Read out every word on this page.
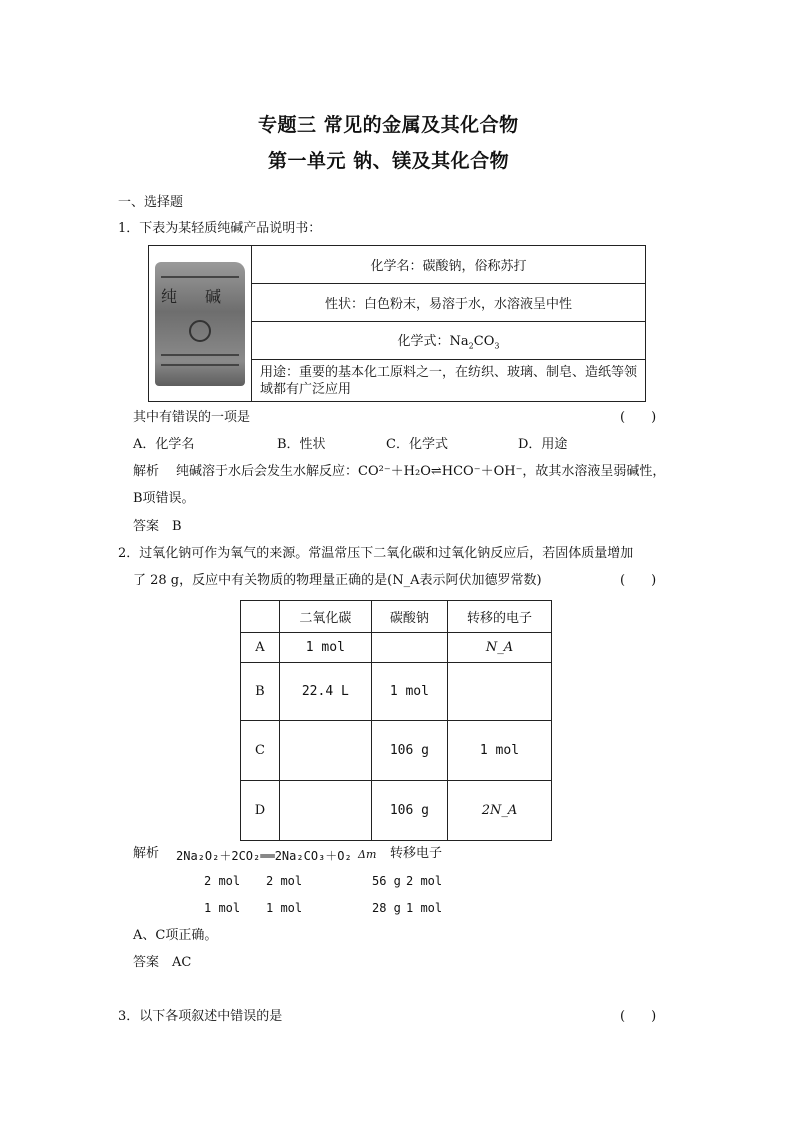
专题三 常见的金属及其化合物
第一单元 钠、镁及其化合物
一、选择题
1．下表为某轻质纯碱产品说明书：
纯 碱
	化学名：碳酸钠，俗称苏打
性状：白色粉末，易溶于水，水溶液呈中性
化学式：$Na_2CO_3$
用途：重要的基本化工原料之一，在纺织、玻璃、制皂、造纸等领域都有广泛应用
其中有错误的一项是	(　　)
A．化学名	B．性状	C．化学式	D．用途
解析 纯碱溶于水后会发生水解反应：CO²⁻＋H₂O⇌HCO⁻＋OH⁻，故其水溶液呈弱碱性，
B项错误。
答案　B
2．过氧化钠可作为氧气的来源。常温常压下二氧化碳和过氧化钠反应后，若固体质量增加
了 28 g，反应中有关物质的物理量正确的是(N_A表示阿伏加德罗常数)	(　　)
	二氧化碳	碳酸钠	转移的电子
A	1 mol		N_A
B	22.4 L	1 mol	
C		106 g	1 mol
D		106 g	2N_A
解析 2Na₂O₂＋2CO₂══2Na₂CO₃＋O₂ Δm 转移电子
2 mol 2 mol	56 g 2 mol
1 mol 1 mol	28 g 1 mol
A、C项正确。
答案　AC
3．以下各项叙述中错误的是	(　　)
